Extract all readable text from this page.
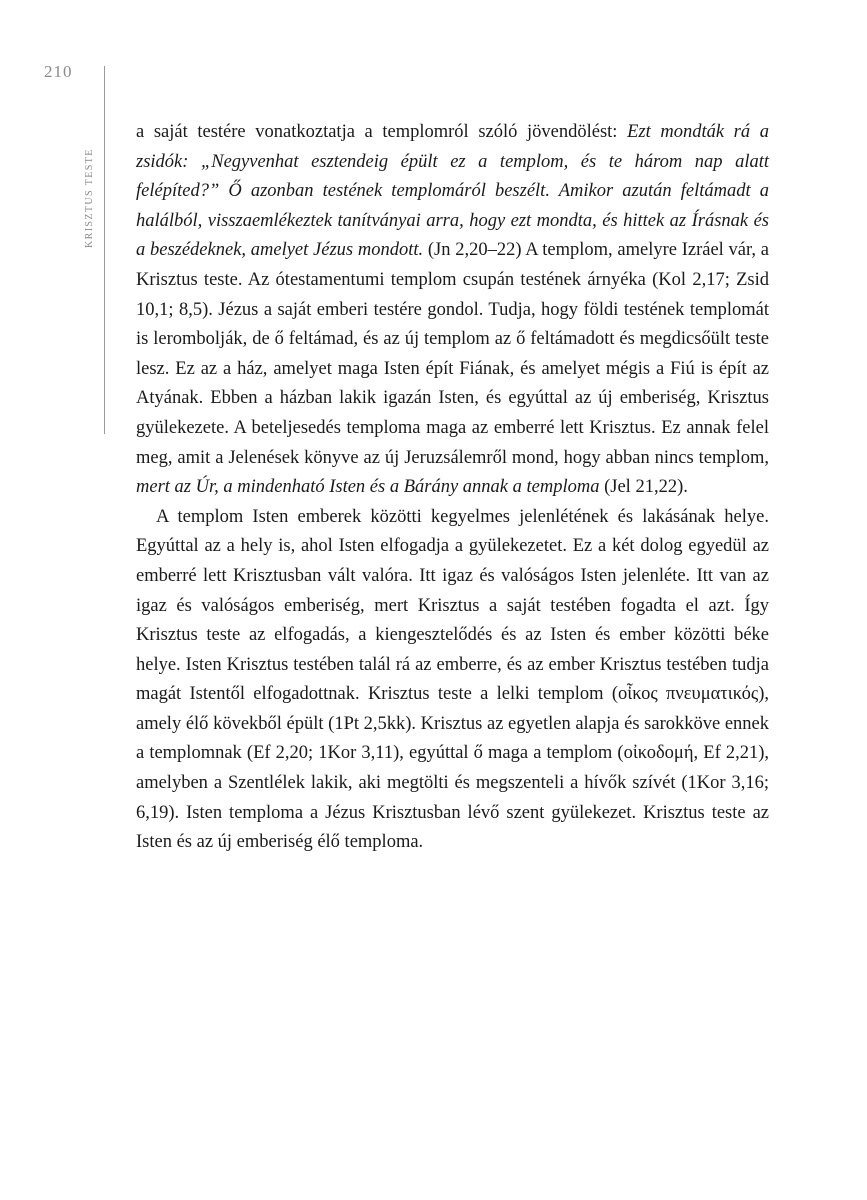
210
KRISZTUS TESTE

a saját testére vonatkoztatja a templomról szóló jövendölést: Ezt mondták rá a zsidók: „Negyvenhat esztendeig épült ez a templom, és te három nap alatt felépíted?” Ő azonban testének templomáról beszélt. Amikor azután feltámadt a halálból, visszaemlékeztek tanítványai arra, hogy ezt mondta, és hittek az Írásnak és a beszédeknek, amelyet Jézus mondott. (Jn 2,20–22) A templom, amelyre Izráel vár, a Krisztus teste. Az ótestamentumi templom csupán testének árnyéka (Kol 2,17; Zsid 10,1; 8,5). Jézus a saját emberi testére gondol. Tudja, hogy földi testének templomát is lerombolják, de ő feltámad, és az új templom az ő feltámadott és megdicsőült teste lesz. Ez az a ház, amelyet maga Isten épít Fiának, és amelyet mégis a Fiú is épít az Atyának. Ebben a házban lakik igazán Isten, és egyúttal az új emberiség, Krisztus gyülekezete. A beteljesedés temploma maga az emberré lett Krisztus. Ez annak felel meg, amit a Jelenések könyve az új Jeruzsálemről mond, hogy abban nincs templom, mert az Úr, a mindenható Isten és a Bárány annak a temploma (Jel 21,22).

A templom Isten emberek közötti kegyelmes jelenlétének és lakásának helye. Egyúttal az a hely is, ahol Isten elfogadja a gyülekezetet. Ez a két dolog egyedül az emberré lett Krisztusban vált valóra. Itt igaz és valóságos Isten jelenléte. Itt van az igaz és valóságos emberiség, mert Krisztus a saját testében fogadta el azt. Így Krisztus teste az elfogadás, a kiengesztelődés és az Isten és ember közötti béke helye. Isten Krisztus testében talál rá az emberre, és az ember Krisztus testében tudja magát Istentől elfogadottnak. Krisztus teste a lelki templom (οἶκος πνευματικός), amely élő kövekből épült (1Pt 2,5kk). Krisztus az egyetlen alapja és sarokköve ennek a templomnak (Ef 2,20; 1Kor 3,11), egyúttal ő maga a templom (οἰκοδομή, Ef 2,21), amelyben a Szentlélek lakik, aki megtölti és megszenteli a hívők szívét (1Kor 3,16; 6,19). Isten temploma a Jézus Krisztusban lévő szent gyülekezet. Krisztus teste az Isten és az új emberiség élő temploma.
